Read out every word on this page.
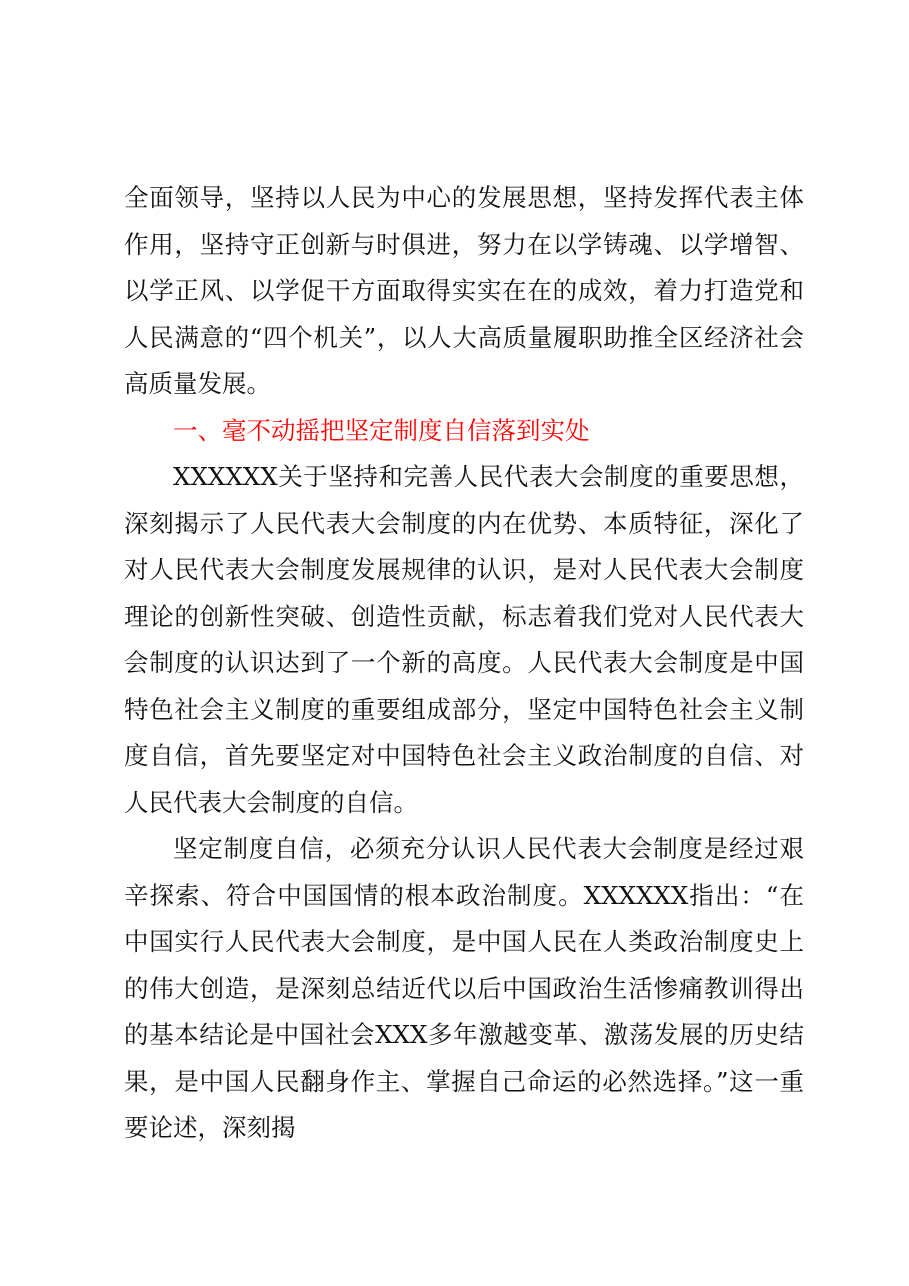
全面领导，坚持以人民为中心的发展思想，坚持发挥代表主体作用，坚持守正创新与时俱进，努力在以学铸魂、以学增智、以学正风、以学促干方面取得实实在在的成效，着力打造党和人民满意的“四个机关”，以人大高质量履职助推全区经济社会高质量发展。

一、毫不动摇把坚定制度自信落到实处

XXXXXX关于坚持和完善人民代表大会制度的重要思想，深刻揭示了人民代表大会制度的内在优势、本质特征，深化了对人民代表大会制度发展规律的认识，是对人民代表大会制度理论的创新性突破、创造性贡献，标志着我们党对人民代表大会制度的认识达到了一个新的高度。人民代表大会制度是中国特色社会主义制度的重要组成部分，坚定中国特色社会主义制度自信，首先要坚定对中国特色社会主义政治制度的自信、对人民代表大会制度的自信。

坚定制度自信，必须充分认识人民代表大会制度是经过艰辛探索、符合中国国情的根本政治制度。XXXXXX指出：“在中国实行人民代表大会制度，是中国人民在人类政治制度史上的伟大创造，是深刻总结近代以后中国政治生活惨痛教训得出的基本结论是中国社会XXX多年激越变革、激荡发展的历史结果，是中国人民翻身作主、掌握自己命运的必然选择。”这一重要论述，深刻揭
